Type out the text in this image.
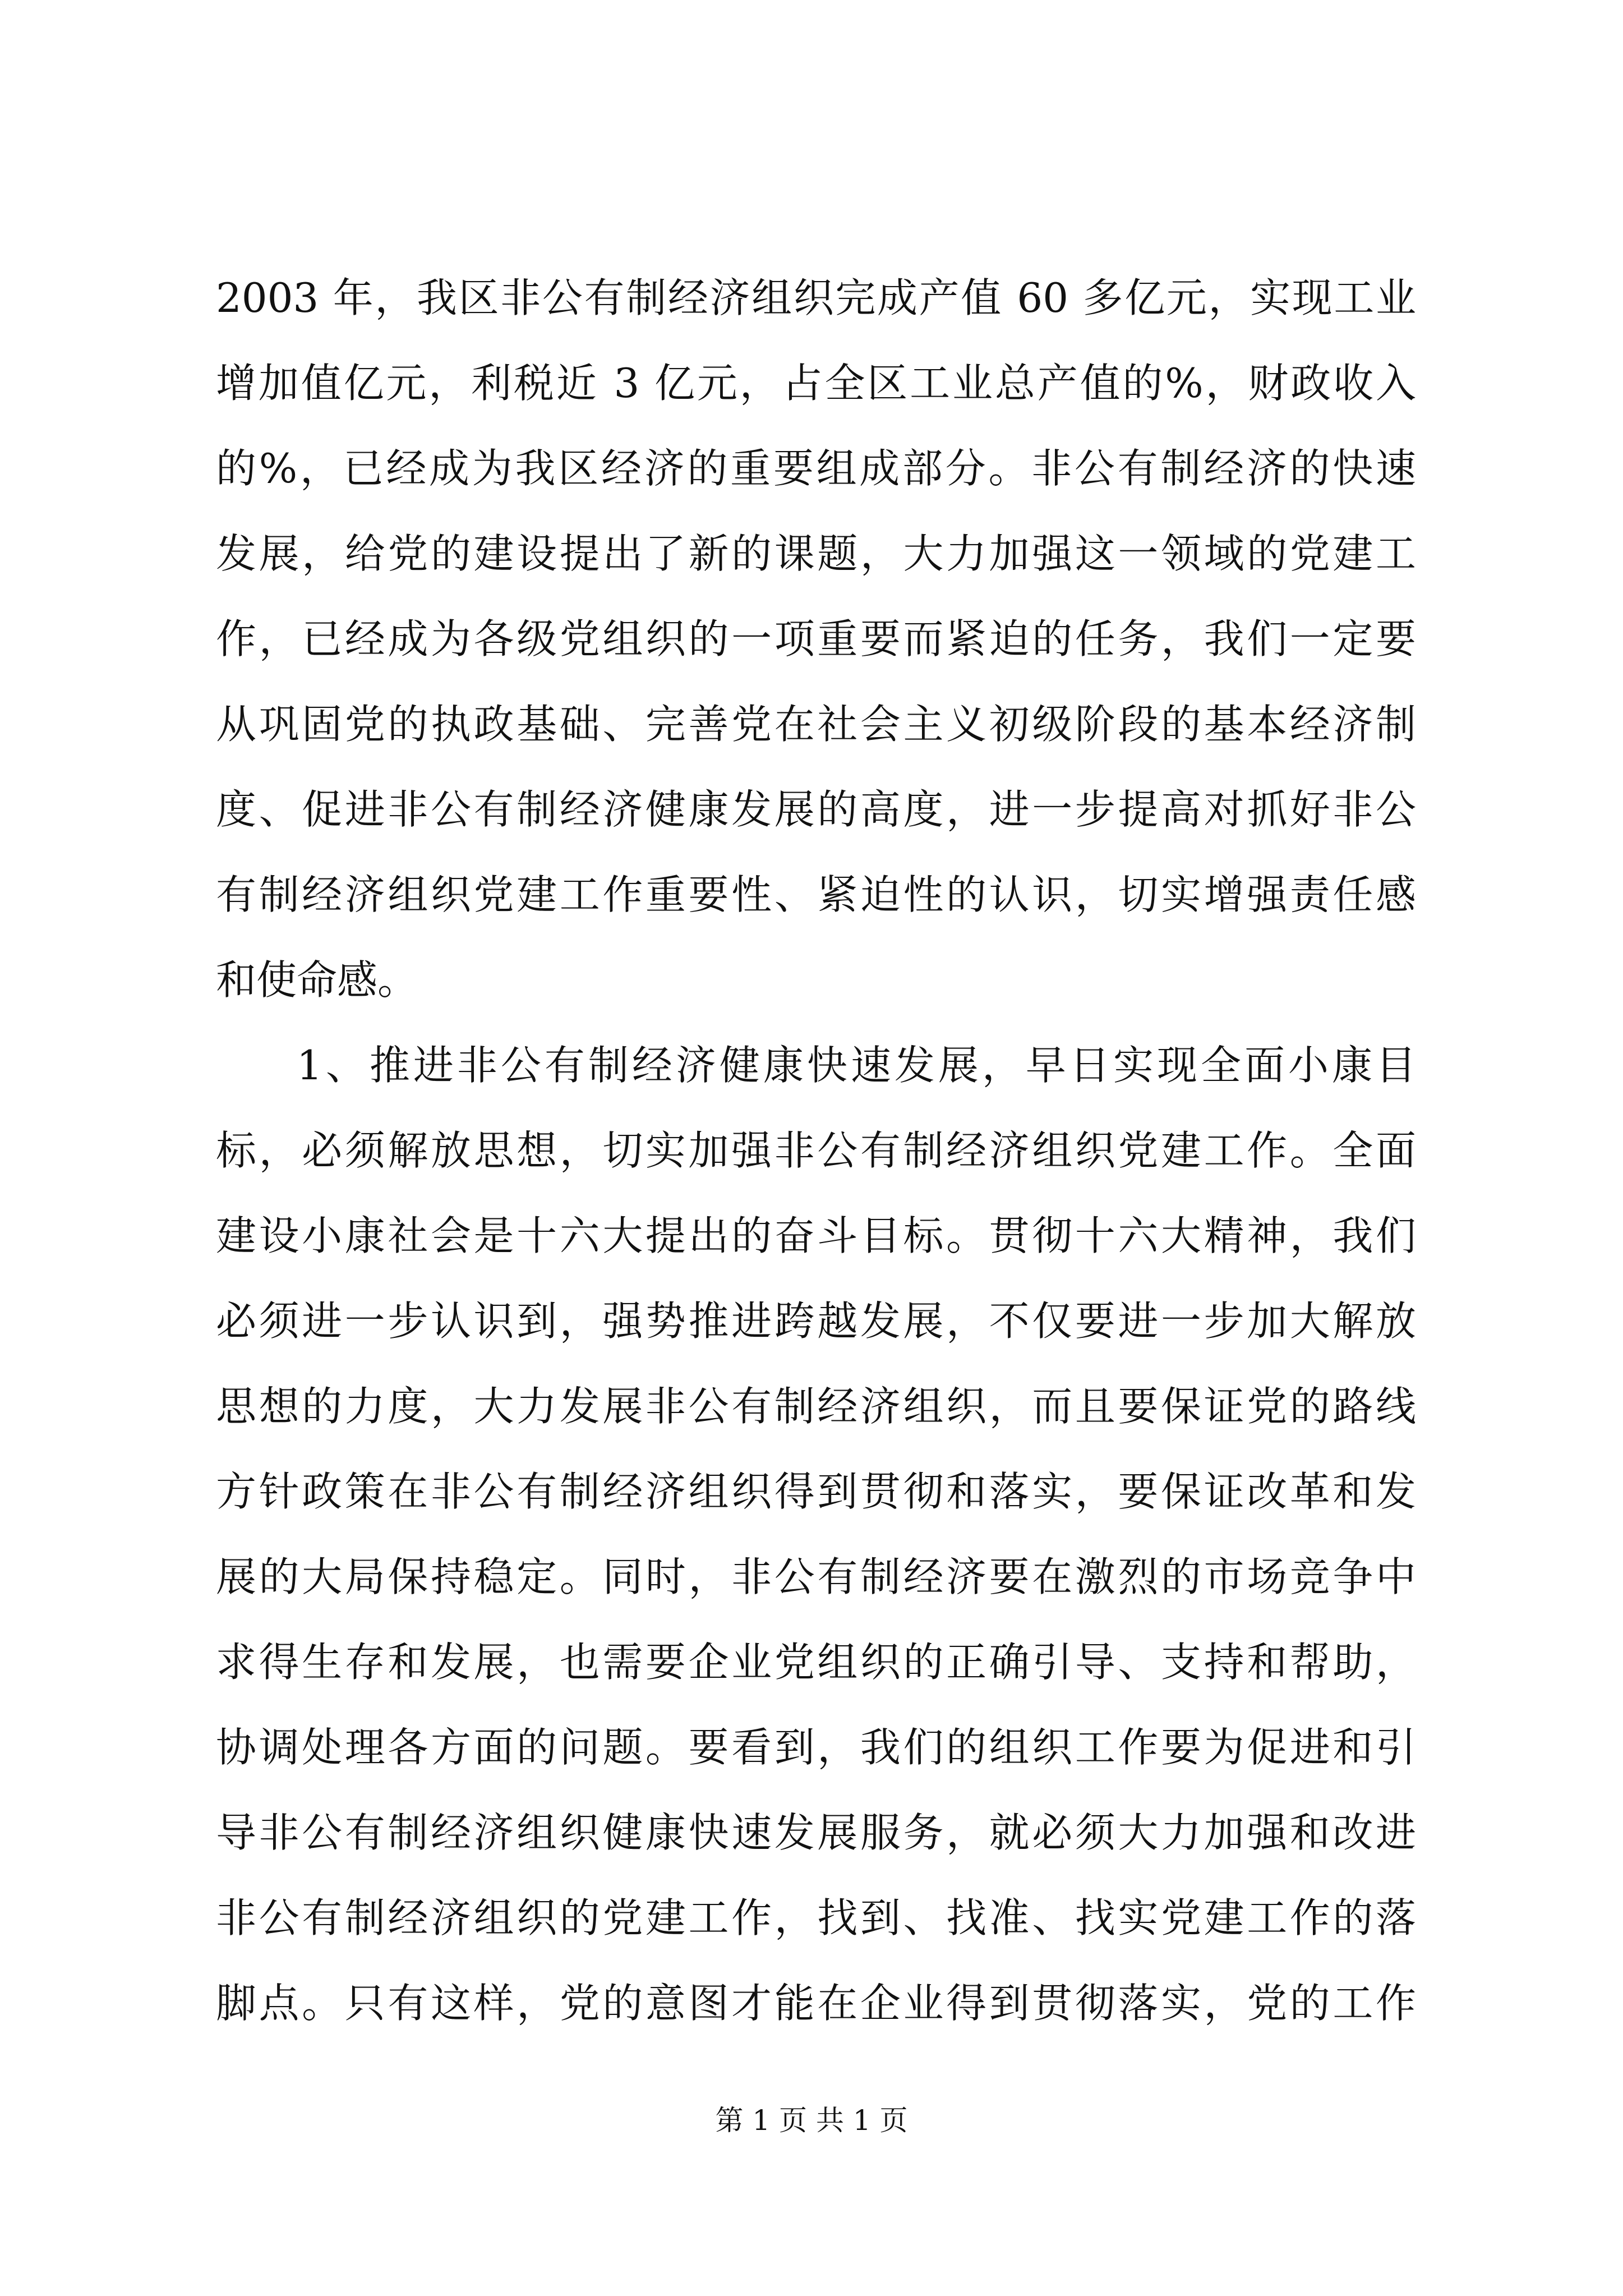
2003 年，我区非公有制经济组织完成产值 60 多亿元，实现工业
增加值亿元，利税近 3 亿元，占全区工业总产值的%，财政收入
的%，已经成为我区经济的重要组成部分。非公有制经济的快速
发展，给党的建设提出了新的课题，大力加强这一领域的党建工
作，已经成为各级党组织的一项重要而紧迫的任务，我们一定要
从巩固党的执政基础、完善党在社会主义初级阶段的基本经济制
度、促进非公有制经济健康发展的高度，进一步提高对抓好非公
有制经济组织党建工作重要性、紧迫性的认识，切实增强责任感
和使命感。
1、推进非公有制经济健康快速发展，早日实现全面小康目
标，必须解放思想，切实加强非公有制经济组织党建工作。全面
建设小康社会是十六大提出的奋斗目标。贯彻十六大精神，我们
必须进一步认识到，强势推进跨越发展，不仅要进一步加大解放
思想的力度，大力发展非公有制经济组织，而且要保证党的路线
方针政策在非公有制经济组织得到贯彻和落实，要保证改革和发
展的大局保持稳定。同时，非公有制经济要在激烈的市场竞争中
求得生存和发展，也需要企业党组织的正确引导、支持和帮助，
协调处理各方面的问题。要看到，我们的组织工作要为促进和引
导非公有制经济组织健康快速发展服务，就必须大力加强和改进
非公有制经济组织的党建工作，找到、找准、找实党建工作的落
脚点。只有这样，党的意图才能在企业得到贯彻落实，党的工作
第 1 页 共 1 页
